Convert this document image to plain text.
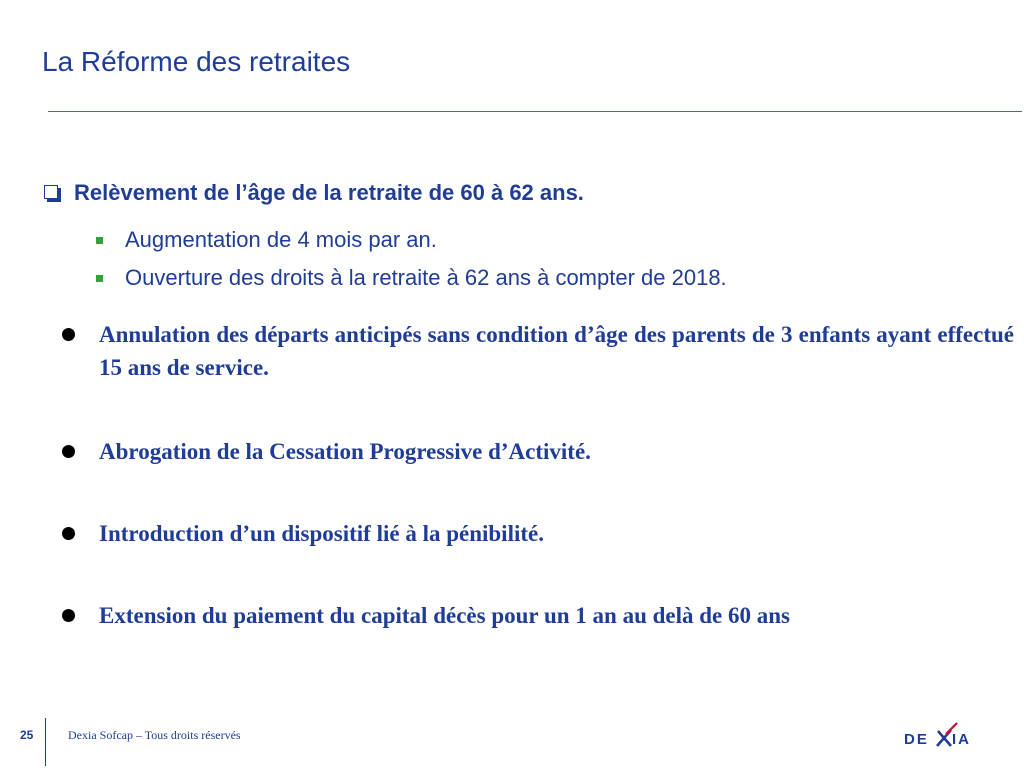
La Réforme des retraites
Relèvement de l’âge de la retraite de 60 à 62 ans.
Augmentation de 4 mois par an.
Ouverture des droits à la retraite à 62 ans à compter de 2018.
Annulation des départs anticipés sans condition d’âge des parents de 3 enfants ayant effectué 15 ans de service.
Abrogation de la Cessation Progressive d’Activité.
Introduction d’un dispositif lié à la pénibilité.
Extension du paiement du capital décès pour un 1 an au delà de 60 ans
25	Dexia Sofcap – Tous droits réservés	DE IA
